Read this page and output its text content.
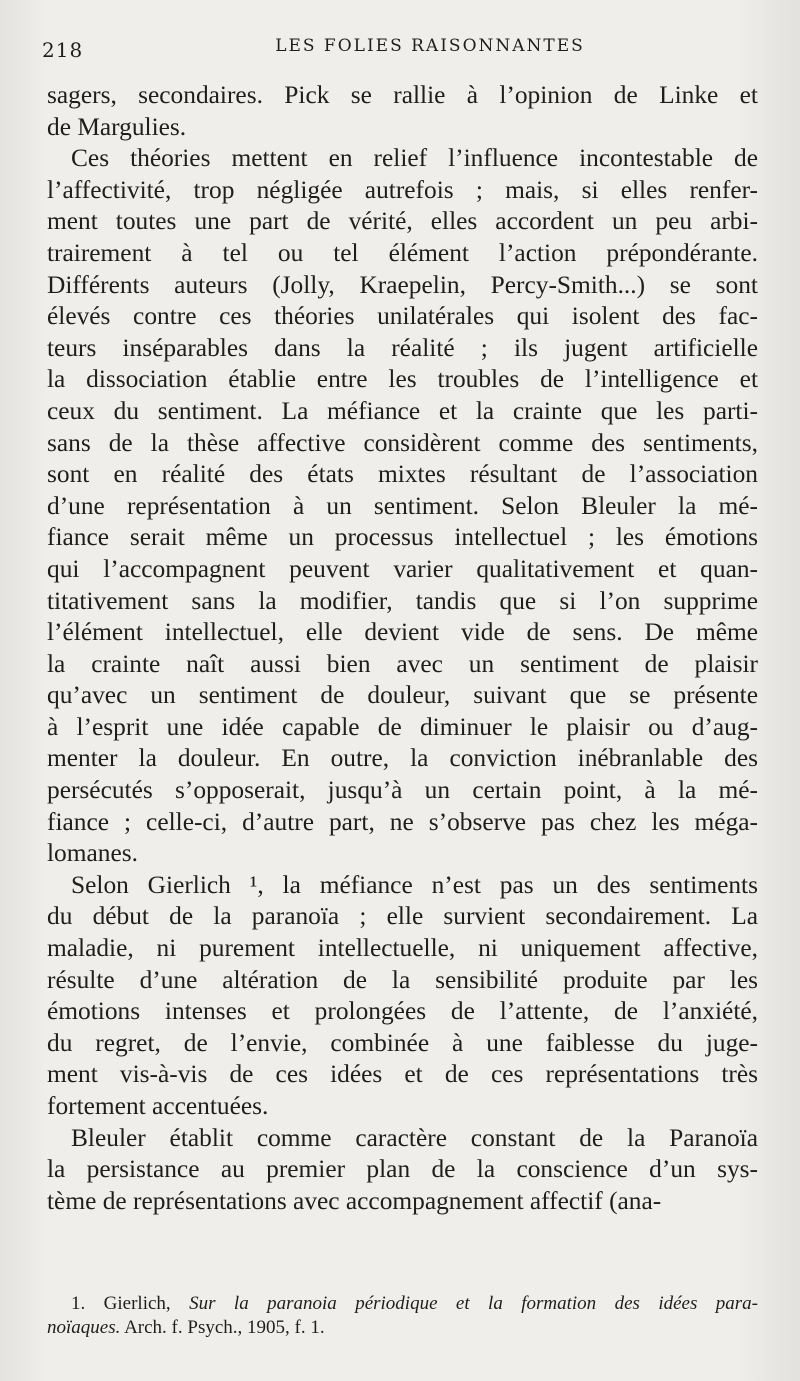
218	LES FOLIES RAISONNANTES
sagers, secondaires. Pick se rallie à l’opinion de Linke et
de Margulies.
Ces théories mettent en relief l’influence incontestable de
l’affectivité, trop négligée autrefois ; mais, si elles renfer-
ment toutes une part de vérité, elles accordent un peu arbi-
trairement à tel ou tel élément l’action prépondérante.
Différents auteurs (Jolly, Kraepelin, Percy-Smith...) se sont
élevés contre ces théories unilatérales qui isolent des fac-
teurs inséparables dans la réalité ; ils jugent artificielle
la dissociation établie entre les troubles de l’intelligence et
ceux du sentiment. La méfiance et la crainte que les parti-
sans de la thèse affective considèrent comme des sentiments,
sont en réalité des états mixtes résultant de l’association
d’une représentation à un sentiment. Selon Bleuler la mé-
fiance serait même un processus intellectuel ; les émotions
qui l’accompagnent peuvent varier qualitativement et quan-
titativement sans la modifier, tandis que si l’on supprime
l’élément intellectuel, elle devient vide de sens. De même
la crainte naît aussi bien avec un sentiment de plaisir
qu’avec un sentiment de douleur, suivant que se présente
à l’esprit une idée capable de diminuer le plaisir ou d’aug-
menter la douleur. En outre, la conviction inébranlable des
persécutés s’opposerait, jusqu’à un certain point, à la mé-
fiance ; celle-ci, d’autre part, ne s’observe pas chez les méga-
lomanes.
Selon Gierlich ¹, la méfiance n’est pas un des sentiments
du début de la paranoïa ; elle survient secondairement. La
maladie, ni purement intellectuelle, ni uniquement affective,
résulte d’une altération de la sensibilité produite par les
émotions intenses et prolongées de l’attente, de l’anxiété,
du regret, de l’envie, combinée à une faiblesse du juge-
ment vis-à-vis de ces idées et de ces représentations très
fortement accentuées.
Bleuler établit comme caractère constant de la Paranoïa
la persistance au premier plan de la conscience d’un sys-
tème de représentations avec accompagnement affectif (ana-
1. Gierlich, Sur la paranoia périodique et la formation des idées para-
noïaques. Arch. f. Psych., 1905, f. 1.
